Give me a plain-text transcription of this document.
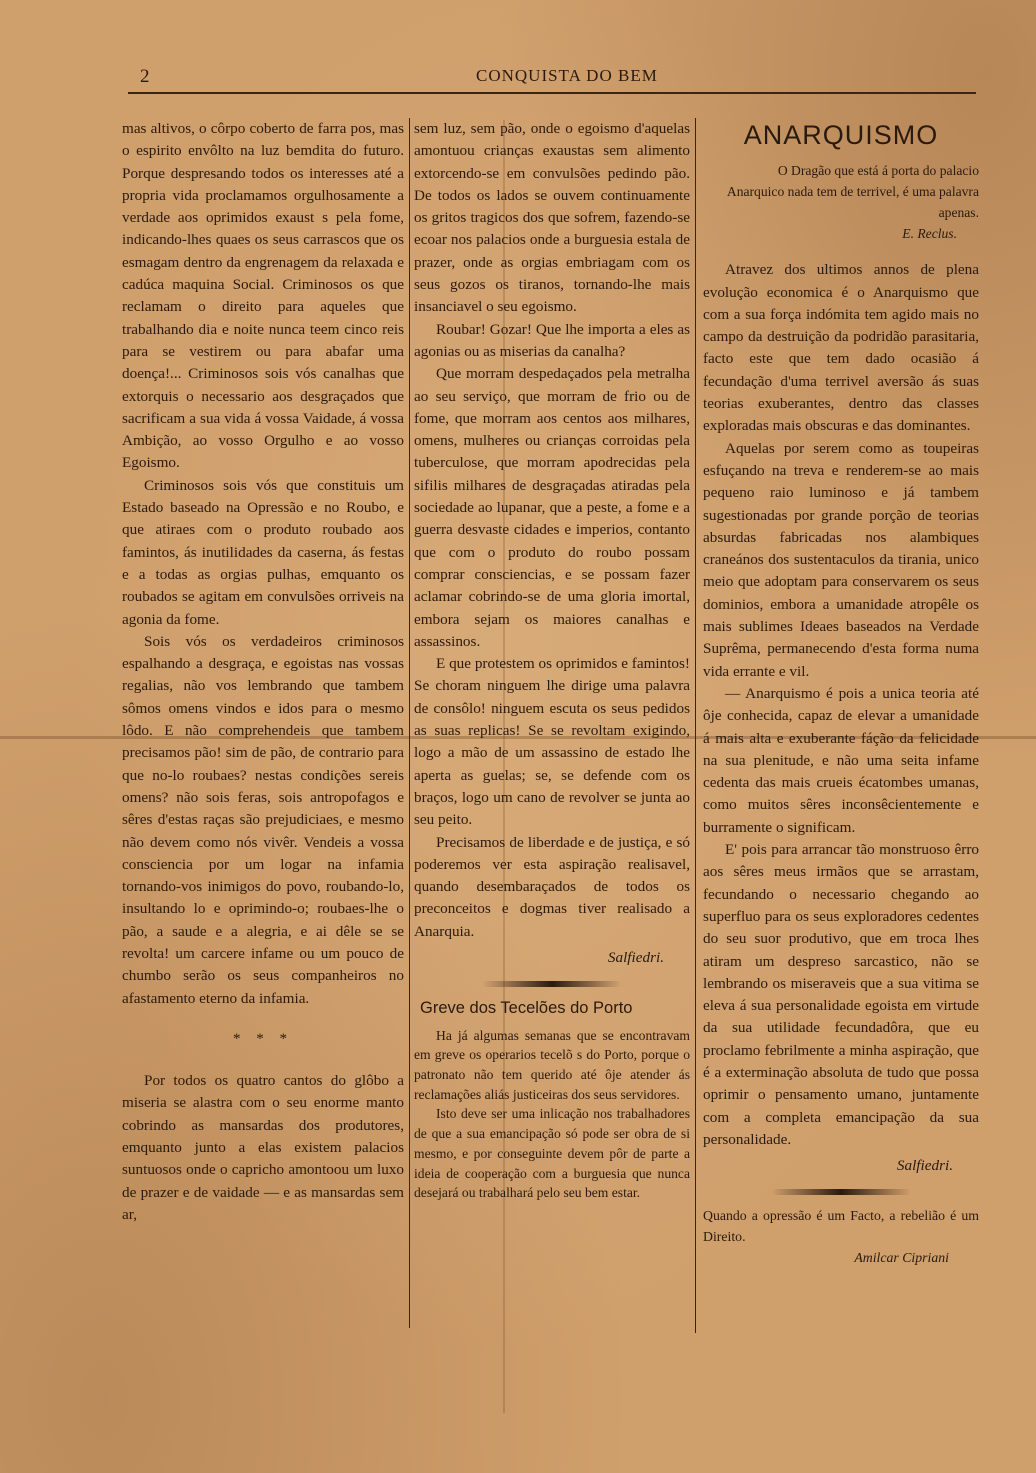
2	CONQUISTA DO BEM

mas altivos, o côrpo coberto de farra pos, mas o espirito envôlto na luz bemdita do futuro. Porque despresando todos os interesses até a propria vida proclamamos orgulhosamente a verdade aos oprimidos exaust s pela fome, indicando-lhes quaes os seus carrascos que os esmagam dentro da engrenagem da relaxada e cadúca maquina Social. Criminosos os que reclamam o direito para aqueles que trabalhando dia e noite nunca teem cinco reis para se vestirem ou para abafar uma doença!... Criminosos sois vós canalhas que extorquis o necessario aos desgraçados que sacrificam a sua vida á vossa Vaidade, á vossa Ambição, ao vosso Orgulho e ao vosso Egoismo.

Criminosos sois vós que constituis um Estado baseado na Opressão e no Roubo, e que atiraes com o produto roubado aos famintos, ás inutilidades da caserna, ás festas e a todas as orgias pulhas, emquanto os roubados se agitam em convulsões orriveis na agonia da fome.

Sois vós os verdadeiros criminosos espalhando a desgraça, e egoistas nas vossas regalias, não vos lembrando que tambem sômos omens vindos e idos para o mesmo lôdo. E não comprehendeis que tambem precisamos pão! sim de pão, de contrario para que no-lo roubaes? nestas condições sereis omens? não sois feras, sois antropofagos e sêres d'estas raças são prejudiciaes, e mesmo não devem como nós vivêr. Vendeis a vossa consciencia por um logar na infamia tornando-vos inimigos do povo, roubando-lo, insultando lo e oprimindo-o; roubaes-lhe o pão, a saude e a alegria, e ai dêle se se revolta! um carcere infame ou um pouco de chumbo serão os seus companheiros no afastamento eterno da infamia.

* * *

Por todos os quatro cantos do glôbo a miseria se alastra com o seu enorme manto cobrindo as mansardas dos produtores, emquanto junto a elas existem palacios suntuosos onde o capricho amontoou um luxo de prazer e de vaidade — e as mansardas sem ar,

sem luz, sem pão, onde o egoismo d'aquelas amontuou crianças exaustas sem alimento extorcendo-se em convulsões pedindo pão. De todos os lados se ouvem continuamente os gritos tragicos dos que sofrem, fazendo-se ecoar nos palacios onde a burguesia estala de prazer, onde as orgias embriagam com os seus gozos os tiranos, tornando-lhe mais insanciavel o seu egoismo.

Roubar! Gozar! Que lhe importa a eles as agonias ou as miserias da canalha?

Que morram despedaçados pela metralha ao seu serviço, que morram de frio ou de fome, que morram aos centos aos milhares, omens, mulheres ou crianças corroidas pela tuberculose, que morram apodrecidas pela sifilis milhares de desgraçadas atiradas pela sociedade ao lupanar, que a peste, a fome e a guerra desvaste cidades e imperios, contanto que com o produto do roubo possam comprar consciencias, e se possam fazer aclamar cobrindo-se de uma gloria imortal, embora sejam os maiores canalhas e assassinos.

E que protestem os oprimidos e famintos! Se choram ninguem lhe dirige uma palavra de consôlo! ninguem escuta os seus pedidos as suas replicas! Se se revoltam exigindo, logo a mão de um assassino de estado lhe aperta as guelas; se, se defende com os braços, logo um cano de revolver se junta ao seu peito.

Precisamos de liberdade e de justiça, e só poderemos ver esta aspiração realisavel, quando desembaraçados de todos os preconceitos e dogmas tiver realisado a Anarquia.

Salfiedri.
Greve dos Tecelões do Porto

Ha já algumas semanas que se encontravam em greve os operarios tecelõ s do Porto, porque o patronato não tem querido até ôje atender ás reclamações aliás justiceiras dos seus servidores.

Isto deve ser uma inlicação nos trabalhadores de que a sua emancipação só pode ser obra de si mesmo, e por conseguinte devem pôr de parte a ideia de cooperação com a burguesia que nunca desejará ou trabalhará pelo seu bem estar.

ANARQUISMO

O Dragão que está á porta do palacio Anarquico nada tem de terrivel, é uma palavra apenas.

E. Reclus.

Atravez dos ultimos annos de plena evolução economica é o Anarquismo que com a sua força indómita tem agido mais no campo da destruição da podridão parasitaria, facto este que tem dado ocasião á fecundação d'uma terrivel aversão ás suas teorias exuberantes, dentro das classes exploradas mais obscuras e das dominantes.

Aquelas por serem como as toupeiras esfuçando na treva e renderem-se ao mais pequeno raio luminoso e já tambem sugestionadas por grande porção de teorias absurdas fabricadas nos alambiques craneános dos sustentaculos da tirania, unico meio que adoptam para conservarem os seus dominios, embora a umanidade atropêle os mais sublimes Ideaes baseados na Verdade Suprêma, permanecendo d'esta forma numa vida errante e vil.

— Anarquismo é pois a unica teoria até ôje conhecida, capaz de elevar a umanidade á mais alta e exuberante fáção da felicidade na sua plenitude, e não uma seita infame cedenta das mais crueis écatombes umanas, como muitos sêres inconsêcientemente e burramente o significam.

E' pois para arrancar tão monstruoso êrro aos sêres meus irmãos que se arrastam, fecundando o necessario chegando ao superfluo para os seus exploradores cedentes do seu suor produtivo, que em troca lhes atiram um despreso sarcastico, não se lembrando os miseraveis que a sua vitima se eleva á sua personalidade egoista em virtude da sua utilidade fecundadôra, que eu proclamo febrilmente a minha aspiração, que é a exterminação absoluta de tudo que possa oprimir o pensamento umano, juntamente com a completa emancipação da sua personalidade.

Salfiedri.

Quando a opressão é um Facto, a rebelião é um Direito.

Amilcar Cipriani
